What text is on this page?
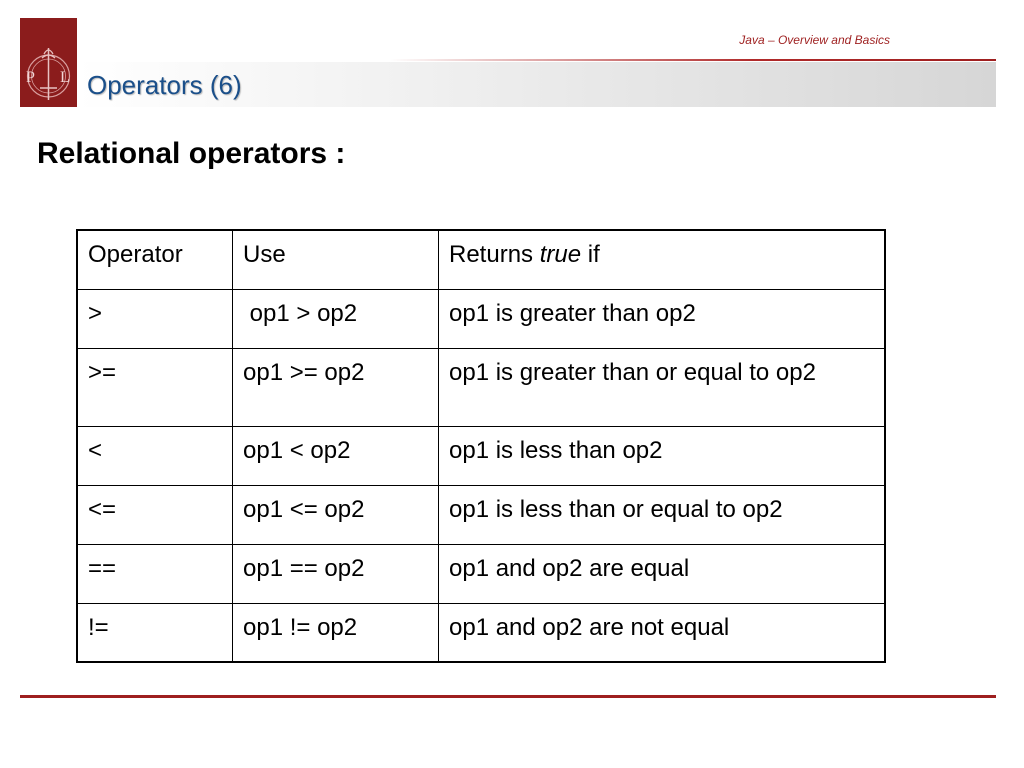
P L
Java – Overview and Basics
Operators (6)
Relational operators :
Operator	Use	Returns true if
>	op1 > op2	op1 is greater than op2
>=	op1 >= op2	op1 is greater than or equal to op2
<	op1 < op2	op1 is less than op2
<=	op1 <= op2	op1 is less than or equal to op2
==	op1 == op2	op1 and op2 are equal
!=	op1 != op2	op1 and op2 are not equal
